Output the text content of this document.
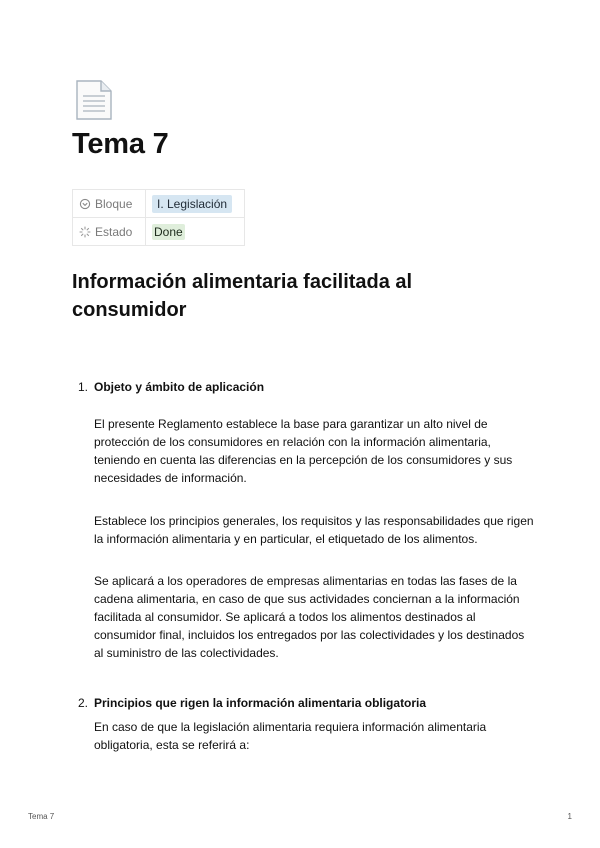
Tema 7
Bloque	I. Legislación
Estado	Done
Información alimentaria facilitada al consumidor
1. Objeto y ámbito de aplicación

El presente Reglamento establece la base para garantizar un alto nivel de protección de los consumidores en relación con la información alimentaria, teniendo en cuenta las diferencias en la percepción de los consumidores y sus necesidades de información.

Establece los principios generales, los requisitos y las responsabilidades que rigen la información alimentaria y en particular, el etiquetado de los alimentos.

Se aplicará a los operadores de empresas alimentarias en todas las fases de la cadena alimentaria, en caso de que sus actividades conciernan a la información facilitada al consumidor. Se aplicará a todos los alimentos destinados al consumidor final, incluidos los entregados por las colectividades y los destinados al suministro de las colectividades.

2. Principios que rigen la información alimentaria obligatoria

En caso de que la legislación alimentaria requiera información alimentaria obligatoria, esta se referirá a:

Tema 7	1
